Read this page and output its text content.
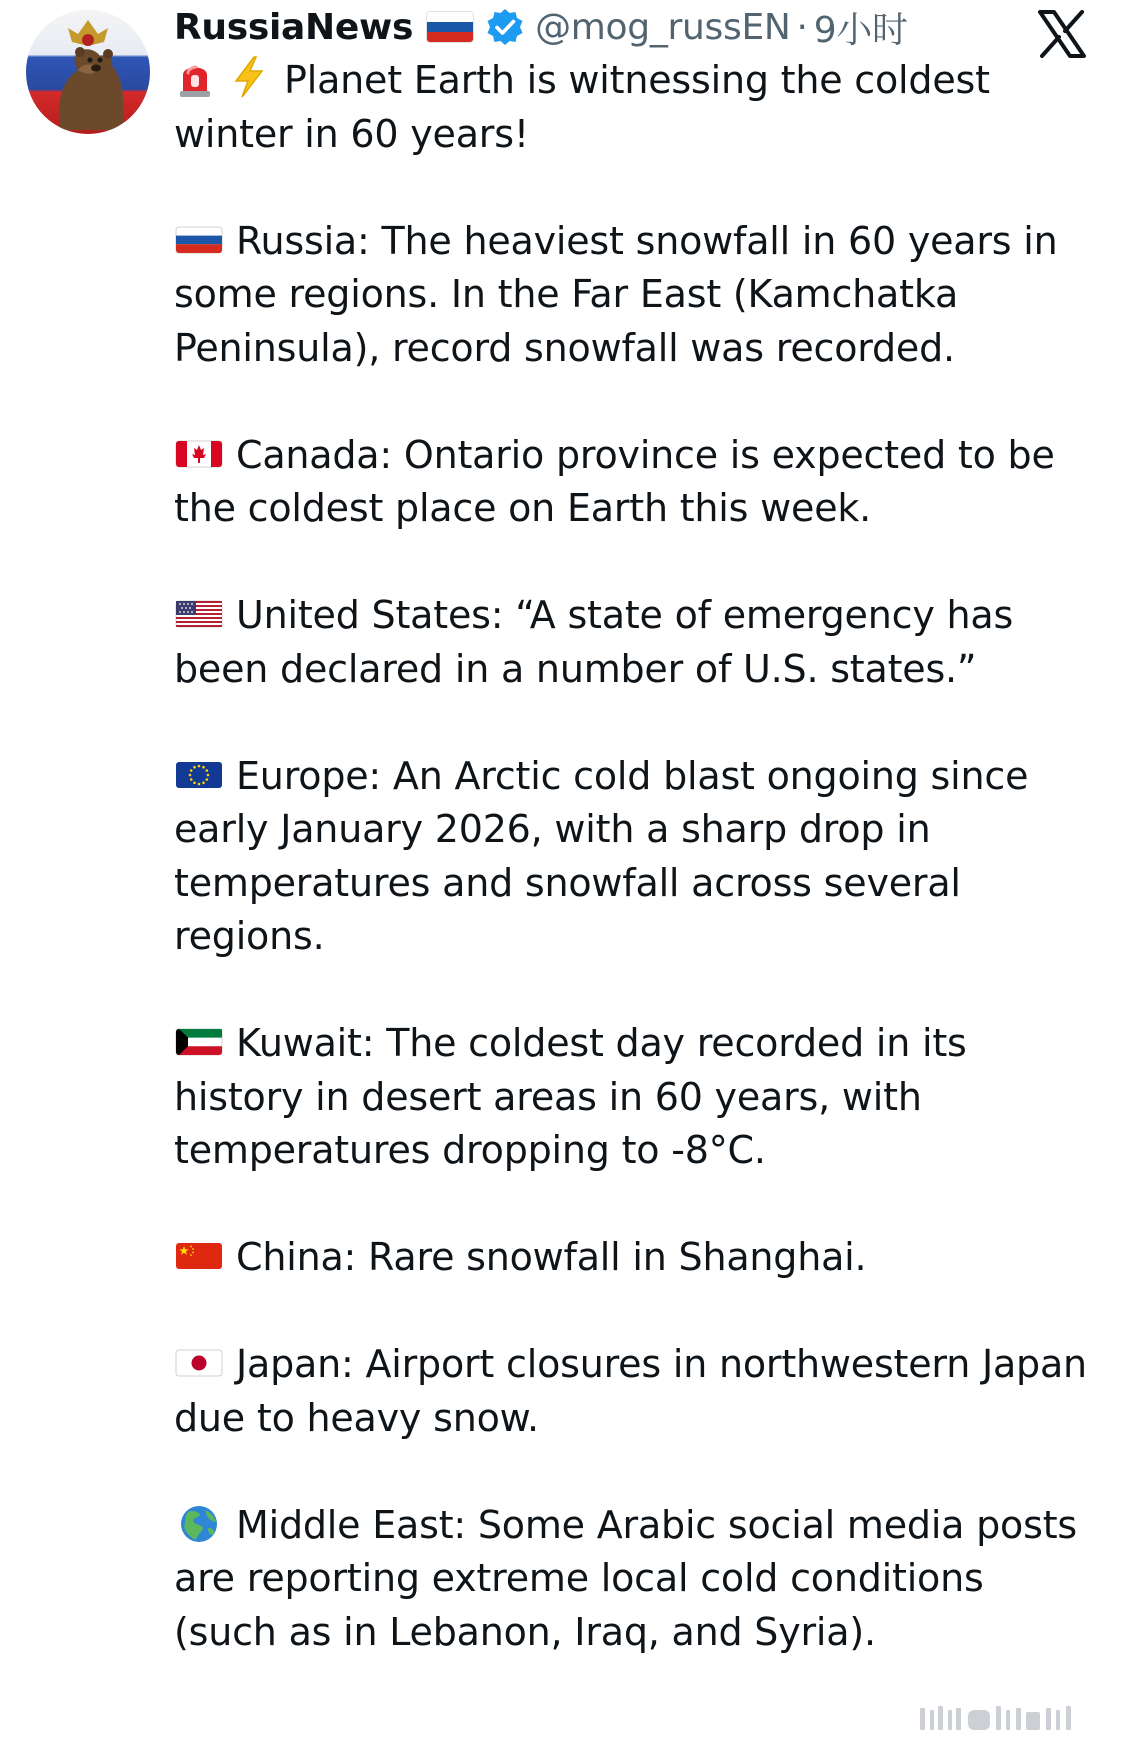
RussiaNews	@mog_russEN · 9小时

Planet Earth is witnessing the coldest winter in 60 years!

Russia: The heaviest snowfall in 60 years in some regions. In the Far East (Kamchatka Peninsula), record snowfall was recorded.

Canada: Ontario province is expected to be the coldest place on Earth this week.

United States: “A state of emergency has been declared in a number of U.S. states.”

Europe: An Arctic cold blast ongoing since early January 2026, with a sharp drop in temperatures and snowfall across several regions.

Kuwait: The coldest day recorded in its history in desert areas in 60 years, with temperatures dropping to -8°C.

China: Rare snowfall in Shanghai.

Japan: Airport closures in northwestern Japan due to heavy snow.

Middle East: Some Arabic social media posts are reporting extreme local cold conditions (such as in Lebanon, Iraq, and Syria).
